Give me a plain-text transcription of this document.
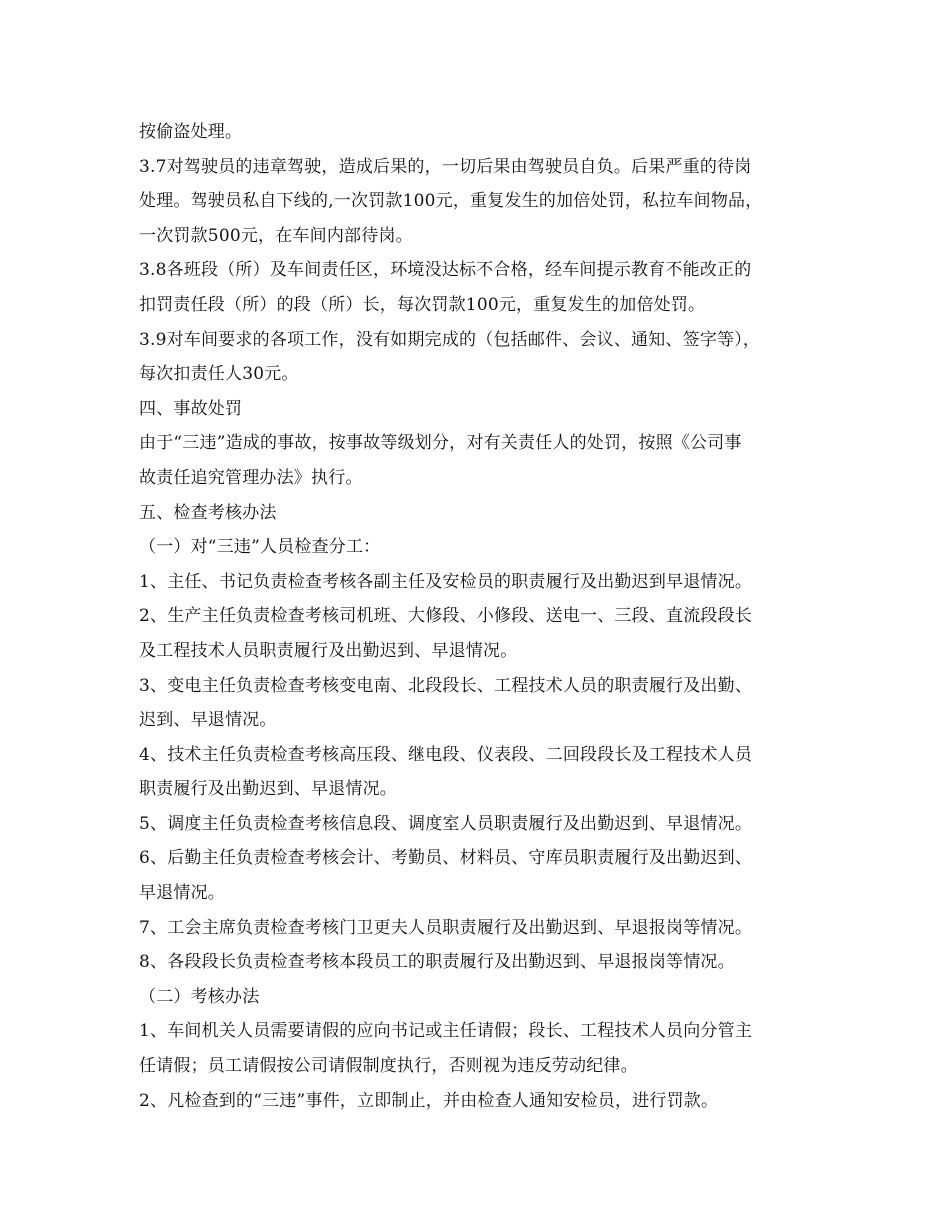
按偷盗处理。
3.7对驾驶员的违章驾驶，造成后果的，一切后果由驾驶员自负。后果严重的待岗
处理。驾驶员私自下线的,一次罚款100元，重复发生的加倍处罚，私拉车间物品，
一次罚款500元，在车间内部待岗。
3.8各班段（所）及车间责任区，环境没达标不合格，经车间提示教育不能改正的
扣罚责任段（所）的段（所）长，每次罚款100元，重复发生的加倍处罚。
3.9对车间要求的各项工作，没有如期完成的（包括邮件、会议、通知、签字等），
每次扣责任人30元。
四、事故处罚
由于“三违”造成的事故，按事故等级划分，对有关责任人的处罚，按照《公司事
故责任追究管理办法》执行。
五、检查考核办法
（一）对“三违”人员检查分工：
1、主任、书记负责检查考核各副主任及安检员的职责履行及出勤迟到早退情况。
2、生产主任负责检查考核司机班、大修段、小修段、送电一、三段、直流段段长
及工程技术人员职责履行及出勤迟到、早退情况。
3、变电主任负责检查考核变电南、北段段长、工程技术人员的职责履行及出勤、
迟到、早退情况。
4、技术主任负责检查考核高压段、继电段、仪表段、二回段段长及工程技术人员
职责履行及出勤迟到、早退情况。
5、调度主任负责检查考核信息段、调度室人员职责履行及出勤迟到、早退情况。
6、后勤主任负责检查考核会计、考勤员、材料员、守库员职责履行及出勤迟到、
早退情况。
7、工会主席负责检查考核门卫更夫人员职责履行及出勤迟到、早退报岗等情况。
8、各段段长负责检查考核本段员工的职责履行及出勤迟到、早退报岗等情况。
（二）考核办法
1、车间机关人员需要请假的应向书记或主任请假；段长、工程技术人员向分管主
任请假；员工请假按公司请假制度执行，否则视为违反劳动纪律。
2、凡检查到的“三违”事件，立即制止，并由检查人通知安检员，进行罚款。
